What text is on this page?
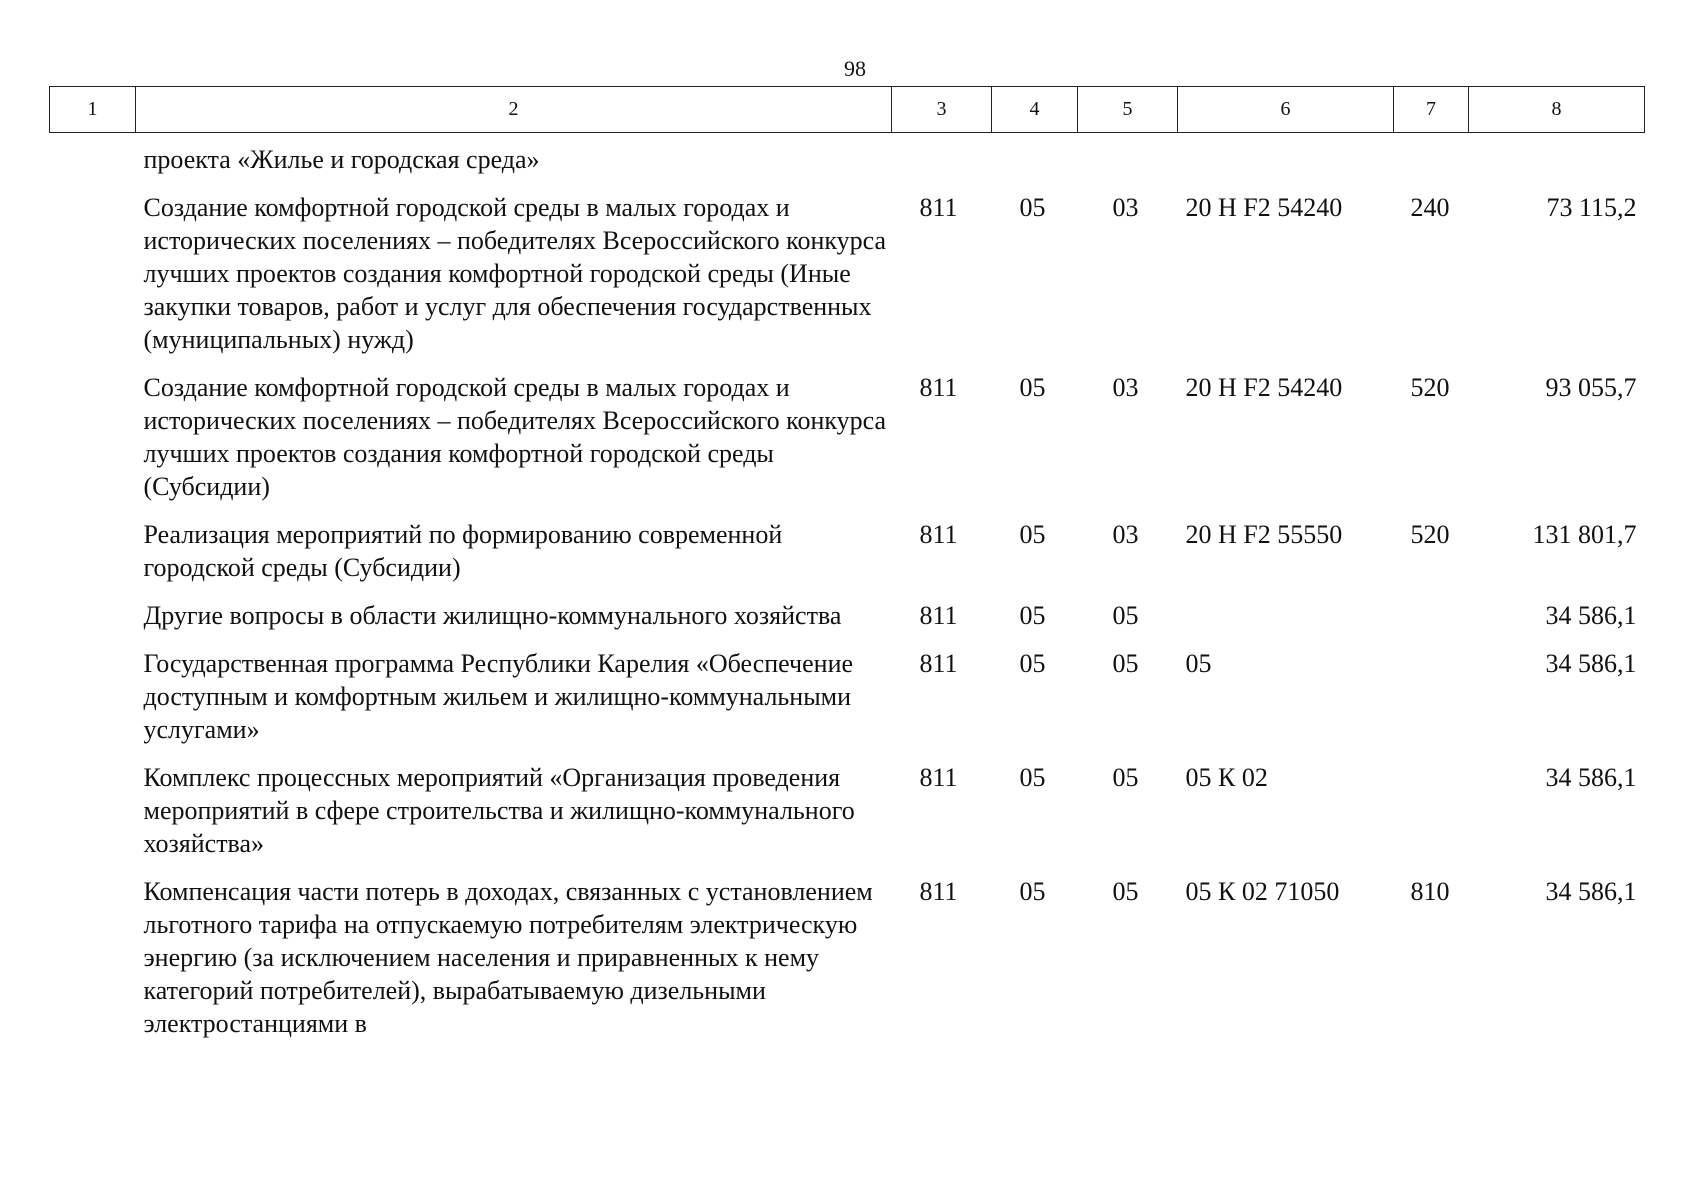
98
1	2	3	4	5	6	7	8
	проекта «Жилье и городская среда»						
	Создание комфортной городской среды в малых городах и исторических поселениях – победителях Всероссийского конкурса лучших проектов создания комфортной городской среды (Иные закупки товаров, работ и услуг для обеспечения государственных (муниципальных) нужд)	811	05	03	20 Н F2 54240	240	73 115,2
	Создание комфортной городской среды в малых городах и исторических поселениях – победителях Всероссийского конкурса лучших проектов создания комфортной городской среды (Субсидии)	811	05	03	20 Н F2 54240	520	93 055,7
	Реализация мероприятий по формированию современной городской среды (Субсидии)	811	05	03	20 Н F2 55550	520	131 801,7
	Другие вопросы в области жилищно-коммунального хозяйства	811	05	05			34 586,1
	Государственная программа Республики Карелия «Обеспечение доступным и комфортным жильем и жилищно-коммунальными услугами»	811	05	05	05		34 586,1
	Комплекс процессных мероприятий «Организация проведения мероприятий в сфере строительства и жилищно-коммунального хозяйства»	811	05	05	05 К 02		34 586,1
	Компенсация части потерь в доходах, связанных с установлением льготного тарифа на отпускаемую потребителям электрическую энергию (за исключением населения и приравненных к нему категорий потребителей), вырабатываемую дизельными электростанциями в	811	05	05	05 К 02 71050	810	34 586,1
